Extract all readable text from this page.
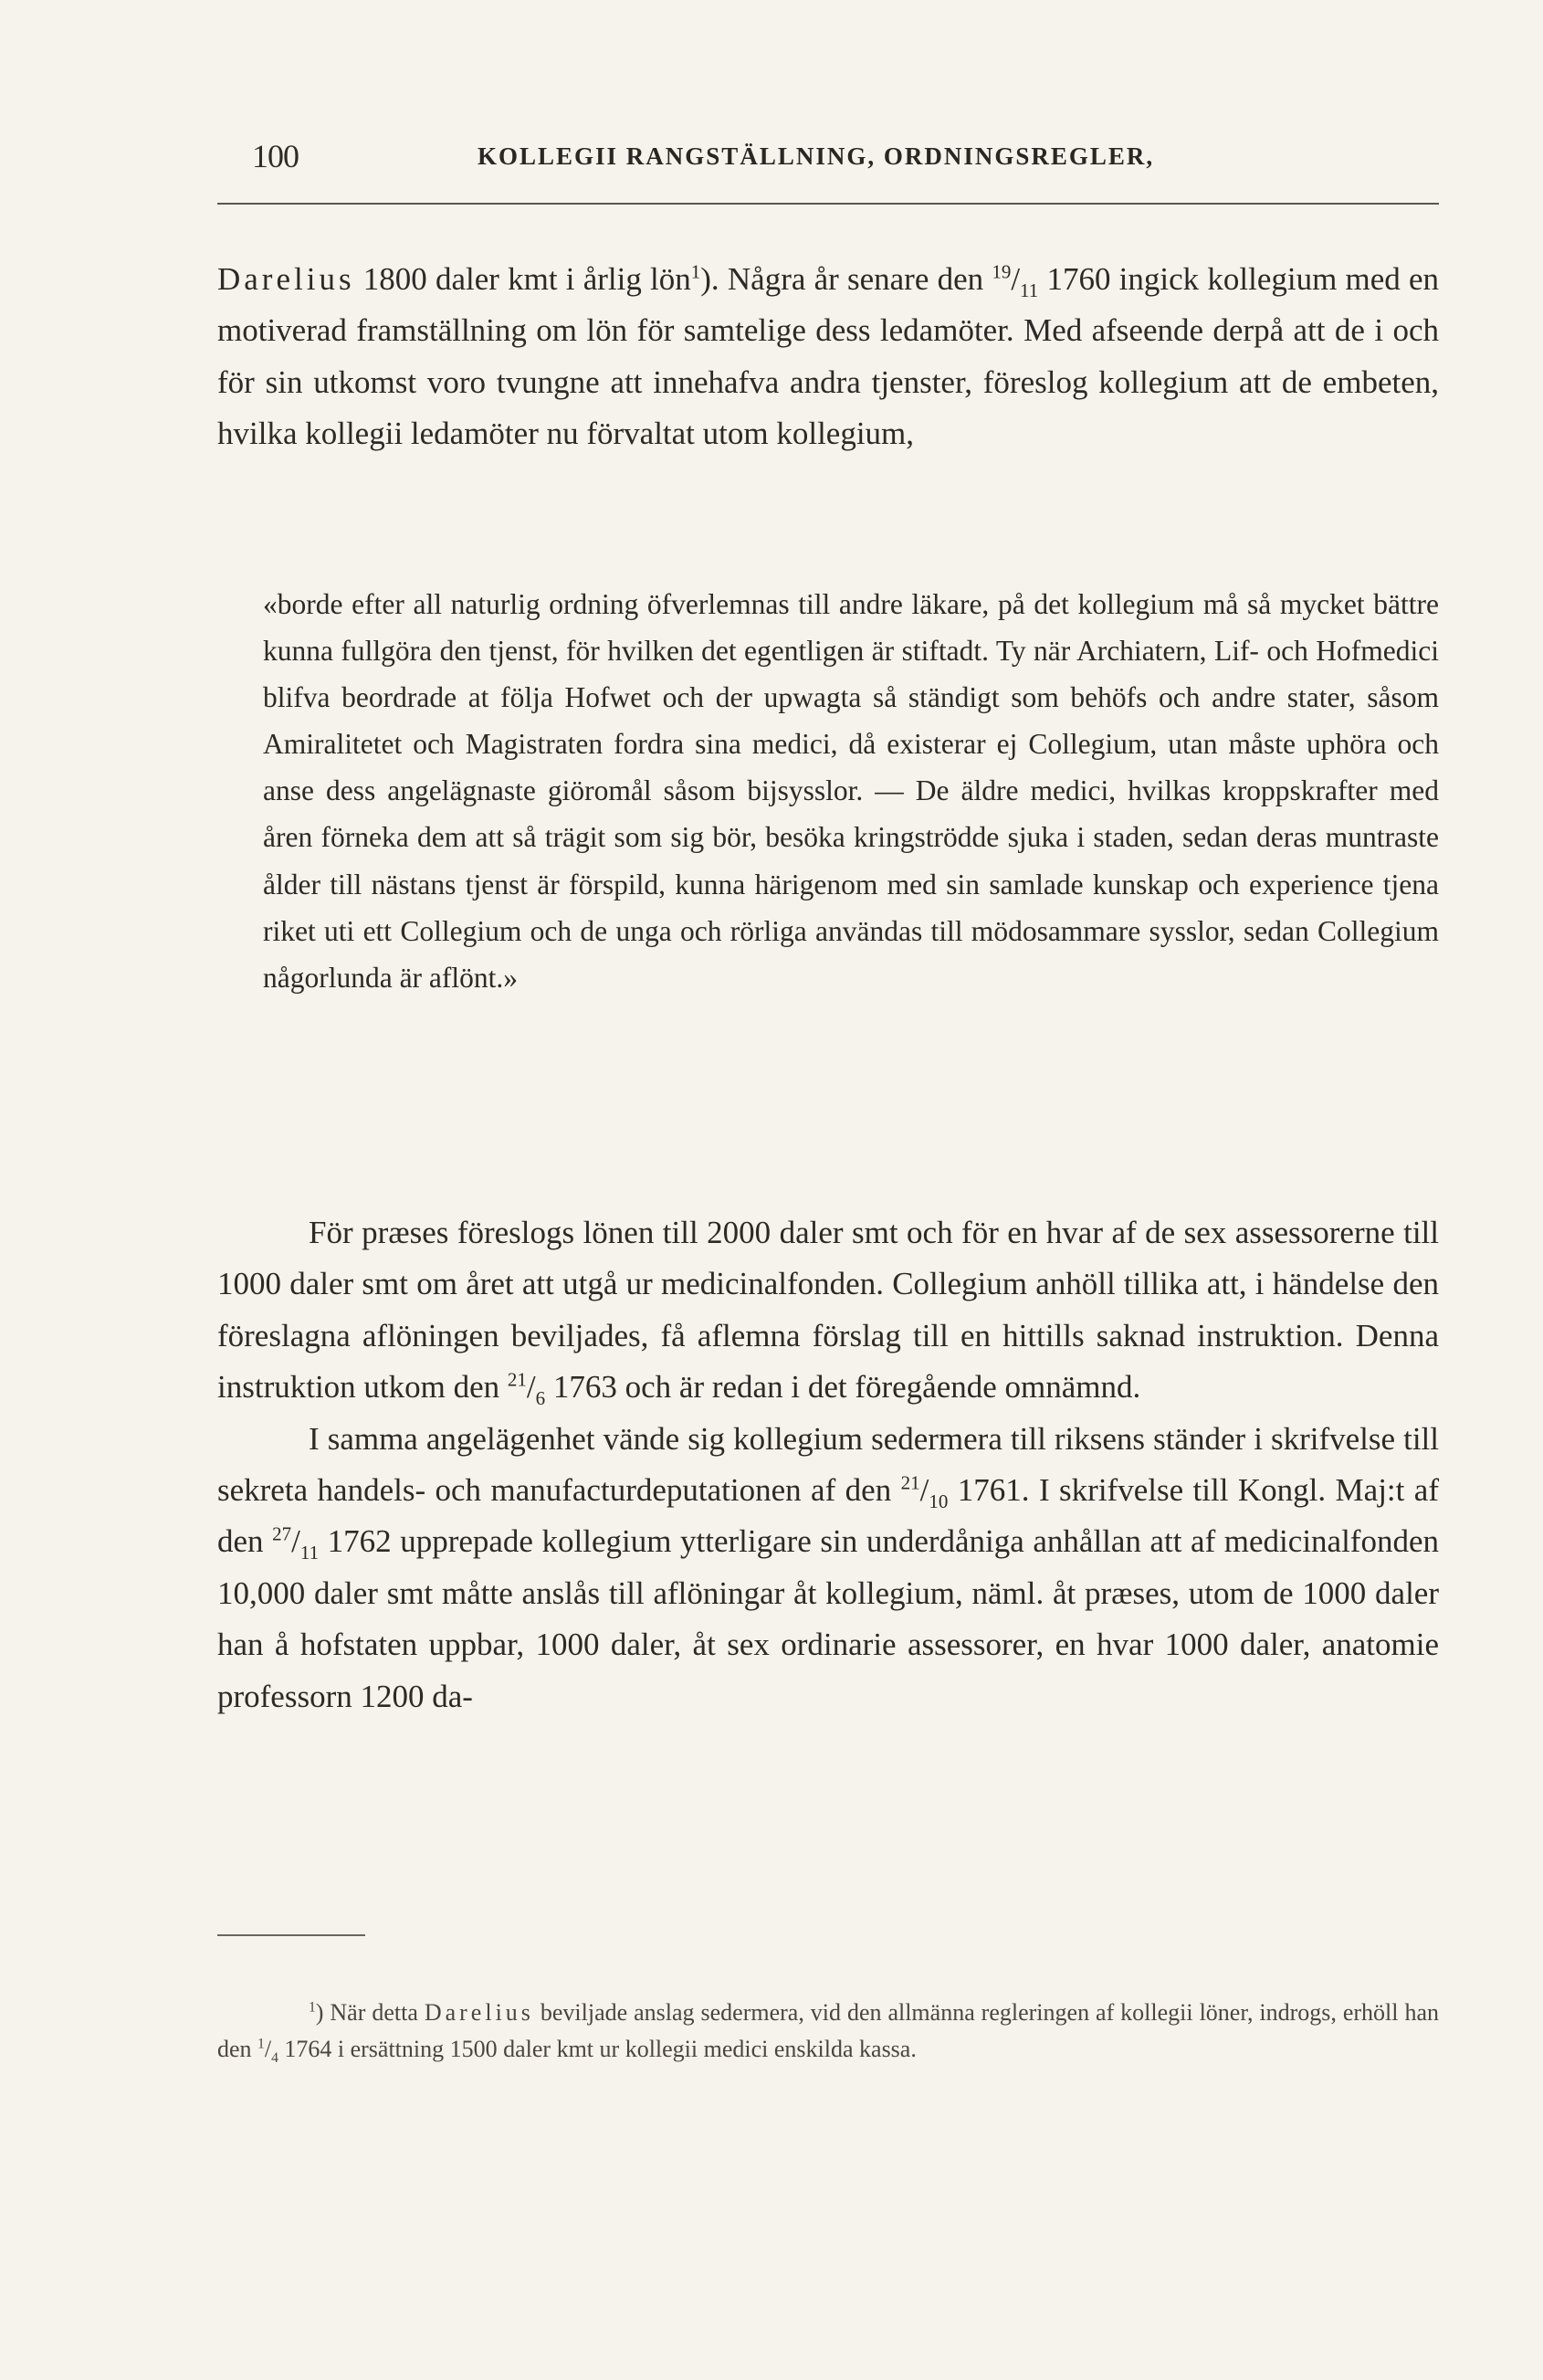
100	KOLLEGII RANGSTÄLLNING, ORDNINGSREGLER,

Darelius 1800 daler kmt i årlig lön$^1$). Några år senare den $^{19}/_{11}$ 1760 ingick kollegium med en motiverad framställning om lön för samtelige dess ledamöter. Med afseende derpå att de i och för sin utkomst voro tvungne att innehafva andra tjenster, föreslog kollegium att de embeten, hvilka kollegii ledamöter nu förvaltat utom kollegium,

«borde efter all naturlig ordning öfverlemnas till andre läkare, på det kollegium må så mycket bättre kunna fullgöra den tjenst, för hvilken det egentligen är stiftadt. Ty när Archiatern, Lif- och Hofmedici blifva beordrade at följa Hofwet och der upwagta så ständigt som behöfs och andre stater, såsom Amiralitetet och Magistraten fordra sina medici, då existerar ej Collegium, utan måste uphöra och anse dess angelägnaste giöromål såsom bijsysslor. — De äldre medici, hvilkas kroppskrafter med åren förneka dem att så trägit som sig bör, besöka kringströdde sjuka i staden, sedan deras muntraste ålder till nästans tjenst är förspild, kunna härigenom med sin samlade kunskap och experience tjena riket uti ett Collegium och de unga och rörliga användas till mödosammare sysslor, sedan Collegium någorlunda är aflönt.»

För præses föreslogs lönen till 2000 daler smt och för en hvar af de sex assessorerne till 1000 daler smt om året att utgå ur medicinalfonden. Collegium anhöll tillika att, i händelse den föreslagna aflöningen beviljades, få aflemna förslag till en hittills saknad instruktion. Denna instruktion utkom den $^{21}/_6$ 1763 och är redan i det föregående omnämnd.
I samma angelägenhet vände sig kollegium sedermera till riksens ständer i skrifvelse till sekreta handels- och manufacturdeputationen af den $^{21}/_{10}$ 1761. I skrifvelse till Kongl. Maj:t af den $^{27}/_{11}$ 1762 upprepade kollegium ytterligare sin underdåniga anhållan att af medicinalfonden 10,000 daler smt måtte anslås till aflöningar åt kollegium, näml. åt præses, utom de 1000 daler han å hofstaten uppbar, 1000 daler, åt sex ordinarie assessorer, en hvar 1000 daler, anatomie professorn 1200 da-

$^1$) När detta Darelius beviljade anslag sedermera, vid den allmänna regleringen af kollegii löner, indrogs, erhöll han den $^1/_4$ 1764 i ersättning 1500 daler kmt ur kollegii medici enskilda kassa.
